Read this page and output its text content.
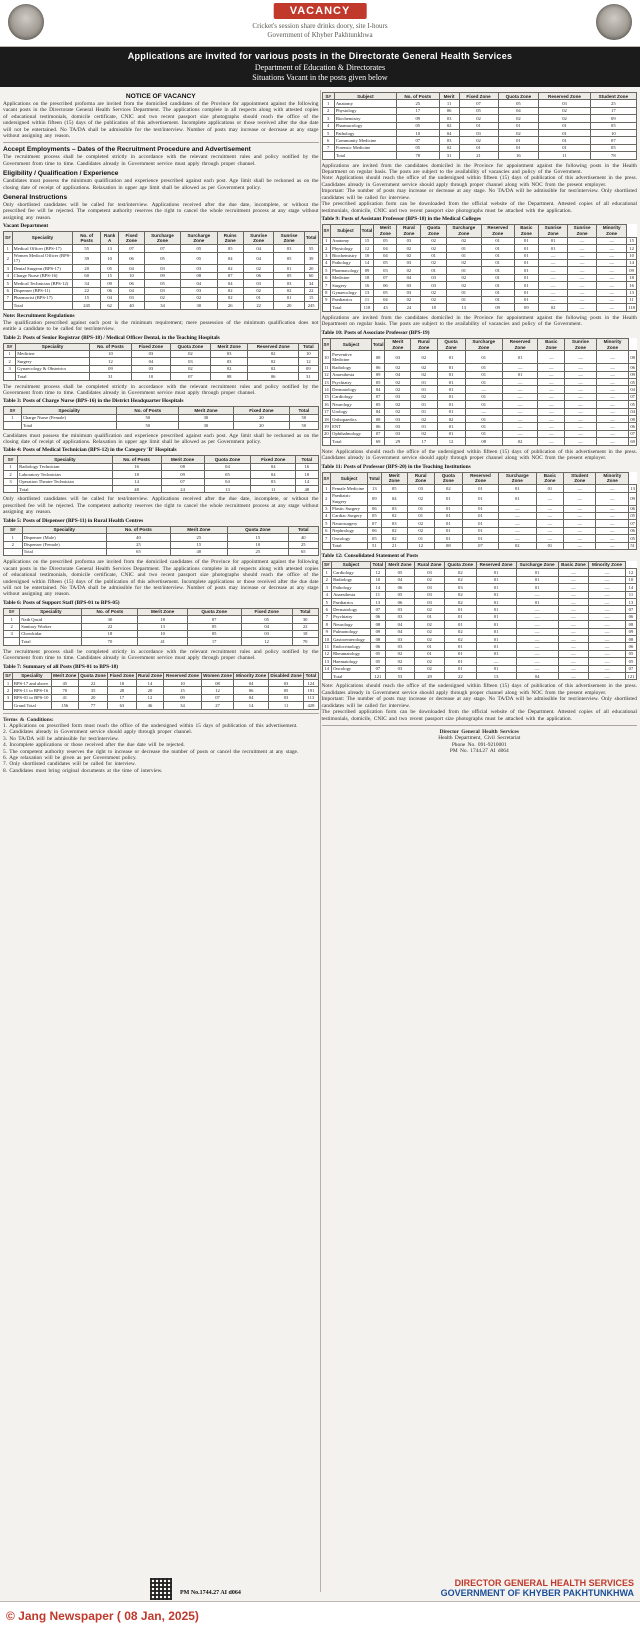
VACANCY
Cricket's session share drinks doory, site I-hours
Government of Khyber Pakhtunkhwa
Applications are invited for various posts in the Directorate General Health Services
Department of Education & Directorates
Situations Vacant in the posts given below
NOTICE OF VACANCY
Applications on the prescribed proforma are invited from the domiciled candidates of the Province for appointment against the following vacant posts in the Directorate General Health Services Department. The applications complete in all respects along with attested copies of educational testimonials, domicile certificate, CNIC and two recent passport size photographs should reach the office of the undersigned within fifteen (15) days of the publication of this advertisement. Incomplete applications or those received after the due date will not be entertained. No TA/DA shall be admissible for the test/interview. Number of posts may increase or decrease at any stage without assigning any reason.
Accept Employments – Dates of the Recruitment Procedure and Advertisement
The recruitment process shall be completed strictly in accordance with the relevant recruitment rules and policy notified by the Government from time to time. Candidates already in Government service must apply through proper channel.
Eligibility / Qualification / Experience
Candidates must possess the minimum qualification and experience prescribed against each post. Age limit shall be reckoned as on the closing date of receipt of applications. Relaxation in upper age limit shall be allowed as per Government policy.
General Instructions
Only shortlisted candidates will be called for test/interview. Applications received after the due date, incomplete, or without the prescribed fee will be rejected. The competent authority reserves the right to cancel the whole recruitment process at any stage without assigning any reason.
Vacant Department
S#	Speciality	No. of Posts	Rank A	Fixed Zone	Surcharge Zone	Surcharge Zone	Ruins Zone	Sunrise Zone	Sunrise Zone	Total
1	Medical Officer (BPS-17)	55	13	07	07	05	05	04	03	55
2	Women Medical Officer (BPS-17)	39	10	06	05	05	04	04	05	39
3	Dental Surgeon (BPS-17)	20	05	04	03	03	02	02	01	20
4	Charge Nurse (BPS-16)	60	15	10	09	08	07	06	05	60
5	Medical Technician (BPS-12)	34	09	06	05	04	04	03	03	34
6	Dispenser (BPS-11)	22	06	04	03	03	02	02	02	22
7	Pharmacist (BPS-17)	15	04	03	02	02	02	01	01	15
	Total	245	62	40	34	30	26	22	20	245
Note: Recruitment Regulations
The qualification prescribed against each post is the minimum requirement; mere possession of the minimum qualification does not entitle a candidate to be called for test/interview.
Table 2: Posts of Senior Registrar (BPS-18) / Medical Officer Dental, in the Teaching Hospitals
S#	Speciality	No. of Posts	Fixed Zone	Quota Zone	Merit Zone	Reserved Zone	Total
1	Medicine	10	03	02	03	02	10
2	Surgery	12	04	03	03	02	12
3	Gynaecology & Obstetrics	09	03	02	02	02	09
	Total	31	10	07	08	06	31
The recruitment process shall be completed strictly in accordance with the relevant recruitment rules and policy notified by the Government from time to time. Candidates already in Government service must apply through proper channel.
Table 3: Posts of Charge Nurse (BPS-16) in the District Headquarter Hospitals
S#	Speciality	No. of Posts	Merit Zone	Fixed Zone	Total
1	Charge Nurse (Female)	50	30	20	50
	Total	50	30	20	50
Candidates must possess the minimum qualification and experience prescribed against each post. Age limit shall be reckoned as on the closing date of receipt of applications. Relaxation in upper age limit shall be allowed as per Government policy.
Table 4: Posts of Medical Technician (BPS-12) in the Category 'B' Hospitals
S#	Speciality	No. of Posts	Merit Zone	Quota Zone	Fixed Zone	Total
1	Radiology Technician	16	08	04	04	16
2	Laboratory Technician	18	09	05	04	18
3	Operation Theatre Technician	14	07	04	03	14
	Total	48	24	13	11	48
Only shortlisted candidates will be called for test/interview. Applications received after the due date, incomplete, or without the prescribed fee will be rejected. The competent authority reserves the right to cancel the whole recruitment process at any stage without assigning any reason.
Table 5: Posts of Dispenser (BPS-11) in Rural Health Centres
S#	Speciality	No. of Posts	Merit Zone	Quota Zone	Total
1	Dispenser (Male)	40	25	15	40
2	Dispenser (Female)	25	15	10	25
	Total	65	40	25	65
Applications on the prescribed proforma are invited from the domiciled candidates of the Province for appointment against the following vacant posts in the Directorate General Health Services Department. The applications complete in all respects along with attested copies of educational testimonials, domicile certificate, CNIC and two recent passport size photographs should reach the office of the undersigned within fifteen (15) days of the publication of this advertisement. Incomplete applications or those received after the due date will not be entertained. No TA/DA shall be admissible for the test/interview. Number of posts may increase or decrease at any stage without assigning any reason.
Table 6: Posts of Support Staff (BPS-01 to BPS-05)
S#	Speciality	No. of Posts	Merit Zone	Quota Zone	Fixed Zone	Total
1	Naib Qasid	30	18	07	05	30
2	Sanitary Worker	22	13	05	04	22
3	Chowkidar	18	10	05	03	18
	Total	70	41	17	12	70
The recruitment process shall be completed strictly in accordance with the relevant recruitment rules and policy notified by the Government from time to time. Candidates already in Government service must apply through proper channel.
Table 7: Summary of all Posts (BPS-01 to BPS-18)
S#	Speciality	Merit Zone	Quota Zone	Fixed Zone	Rural Zone	Reserved Zone	Women Zone	Minority Zone	Disabled Zone	Total
1	BPS-17 and above	45	22	18	14	10	08	04	03	124
2	BPS-11 to BPS-16	70	35	28	20	15	12	06	05	191
3	BPS-01 to BPS-10	41	20	17	12	09	07	04	03	113
	Grand Total	156	77	63	46	34	27	14	11	428
Terms & Conditions:
1. Applications on prescribed form must reach the office of the undersigned within 15 days of publication of this advertisement.
2. Candidates already in Government service should apply through proper channel.
3. No TA/DA will be admissible for test/interview.
4. Incomplete applications or those received after the due date will be rejected.
5. The competent authority reserves the right to increase or decrease the number of posts or cancel the recruitment at any stage.
6. Age relaxation will be given as per Government policy.
7. Only shortlisted candidates will be called for interview.
8. Candidates must bring original documents at the time of interview.
S#	Subject	No. of Posts	Merit	Fixed Zone	Quota Zone	Reserved Zone	Student Zone
1	Anatomy	25	11	07	05	03	25
2	Physiology	17	06	05	04	02	17
3	Biochemistry	09	03	02	02	02	09
4	Pharmacology	05	02	01	01	01	05
5	Pathology	10	04	03	02	01	10
6	Community Medicine	07	03	02	01	01	07
7	Forensic Medicine	05	02	01	01	01	05
	Total	78	31	21	16	11	78
Applications are invited from the candidates domiciled in the Province for appointment against the following posts in the Health Department on regular basis. The posts are subject to the availability of vacancies and policy of the Government.
Note: Applications should reach the office of the undersigned within fifteen (15) days of publication of this advertisement in the press. Candidates already in Government service should apply through proper channel along with NOC from the present employer.
Important: The number of posts may increase or decrease at any stage. No TA/DA will be admissible for test/interview. Only shortlisted candidates will be called for interview.
The prescribed application form can be downloaded from the official website of the Department. Attested copies of all educational testimonials, domicile, CNIC and two recent passport size photographs must be attached with the application.
Table 9: Posts of Assistant Professor (BPS-18) in the Medical Colleges
S#	Subject	Total	Merit Zone	Rural Zone	Quota Zone	Surcharge Zone	Reserved Zone	Basic Zone	Sunrise Zone	Sunrise Zone	Minority Zone	
1	Anatomy	15	05	03	02	02	01	01	01	—	—	15
2	Physiology	12	04	02	02	01	01	01	01	—	—	12
3	Biochemistry	10	04	02	01	01	01	01	—	—	—	10
4	Pathology	14	05	03	02	02	01	01	—	—	—	14
5	Pharmacology	09	03	02	01	01	01	01	—	—	—	09
6	Medicine	18	07	04	03	02	01	01	—	—	—	18
7	Surgery	16	06	03	03	02	01	01	—	—	—	16
8	Gynaecology	13	05	03	02	01	01	01	—	—	—	13
9	Paediatrics	11	04	02	02	01	01	01	—	—	—	11
	Total	118	43	24	18	13	09	09	02	—	—	118
Applications are invited from the candidates domiciled in the Province for appointment against the following posts in the Health Department on regular basis. The posts are subject to the availability of vacancies and policy of the Government.
Table 10: Posts of Associate Professor (BPS-19)
S#	Subject	Total	Merit Zone	Rural Zone	Quota Zone	Surcharge Zone	Reserved Zone	Basic Zone	Sunrise Zone	Minority Zone	
10	Preventive Medicine	08	03	02	01	01	01	—	—	—	08
11	Radiology	06	02	02	01	01	—	—	—	—	06
12	Anaesthesia	09	04	02	01	01	01	—	—	—	09
13	Psychiatry	05	02	01	01	01	—	—	—	—	05
14	Dermatology	04	02	01	01	—	—	—	—	—	04
15	Cardiology	07	03	02	01	01	—	—	—	—	07
16	Neurology	05	02	01	01	01	—	—	—	—	05
17	Urology	04	02	01	01	—	—	—	—	—	04
18	Orthopaedics	08	03	02	02	01	—	—	—	—	08
19	ENT	06	03	01	01	01	—	—	—	—	06
20	Ophthalmology	07	03	02	01	01	—	—	—	—	07
	Total	69	29	17	12	08	02	—	—	—	69
Note: Applications should reach the office of the undersigned within fifteen (15) days of publication of this advertisement in the press. Candidates already in Government service should apply through proper channel along with NOC from the present employer.
Table 11: Posts of Professor (BPS-20) in the Teaching Institutions
S#	Subject	Total	Merit Zone	Rural Zone	Quota Zone	Reserved Zone	Surcharge Zone	Basic Zone	Student Zone	Minority Zone	
1	Female Medicine	13	05	03	02	01	01	01	—	—	13
2	Paediatric Surgery	09	04	02	01	01	01	—	—	—	09
3	Plastic Surgery	06	03	01	01	01	—	—	—	—	06
4	Cardiac Surgery	05	02	01	01	01	—	—	—	—	05
5	Neurosurgery	07	03	02	01	01	—	—	—	—	07
6	Nephrology	06	02	02	01	01	—	—	—	—	06
7	Oncology	05	02	01	01	01	—	—	—	—	05
	Total	51	21	12	08	07	02	01	—	—	51
Table 12: Consolidated Statement of Posts
S#	Subject	Total	Merit Zone	Rural Zone	Quota Zone	Reserved Zone	Surcharge Zone	Basic Zone	Minority Zone	
1	Cardiology	12	05	03	02	01	01	—	—	12
2	Radiology	10	04	02	02	01	01	—	—	10
3	Pathology	14	06	03	03	01	01	—	—	14
4	Anaesthesia	11	05	03	02	01	—	—	—	11
5	Paediatrics	13	06	03	02	01	01	—	—	13
6	Dermatology	07	03	02	01	01	—	—	—	07
7	Psychiatry	06	03	01	01	01	—	—	—	06
8	Neurology	08	04	02	01	01	—	—	—	08
9	Pulmonology	09	04	02	02	01	—	—	—	09
10	Gastroenterology	08	03	02	02	01	—	—	—	08
11	Endocrinology	06	03	01	01	01	—	—	—	06
12	Rheumatology	05	02	01	01	01	—	—	—	05
13	Haematology	05	02	02	01	—	—	—	—	05
14	Oncology	07	03	02	01	01	—	—	—	07
	Total	121	53	29	22	13	04	—	—	121
Note: Applications should reach the office of the undersigned within fifteen (15) days of publication of this advertisement in the press. Candidates already in Government service should apply through proper channel along with NOC from the present employer.
Important: The number of posts may increase or decrease at any stage. No TA/DA will be admissible for test/interview. Only shortlisted candidates will be called for interview.
The prescribed application form can be downloaded from the official website of the Department. Attested copies of all educational testimonials, domicile, CNIC and two recent passport size photographs must be attached with the application.
Director General Health Services
Health Department, Civil Secretariat
Phone No. 091-9210001
PM No. 1744.27 AI d064
DIRECTOR GENERAL HEALTH SERVICES
GOVERNMENT OF KHYBER PAKHTUNKHWA
PM No.1744.27 AI d064
© Jang Newspaper ( 08 Jan, 2025)
